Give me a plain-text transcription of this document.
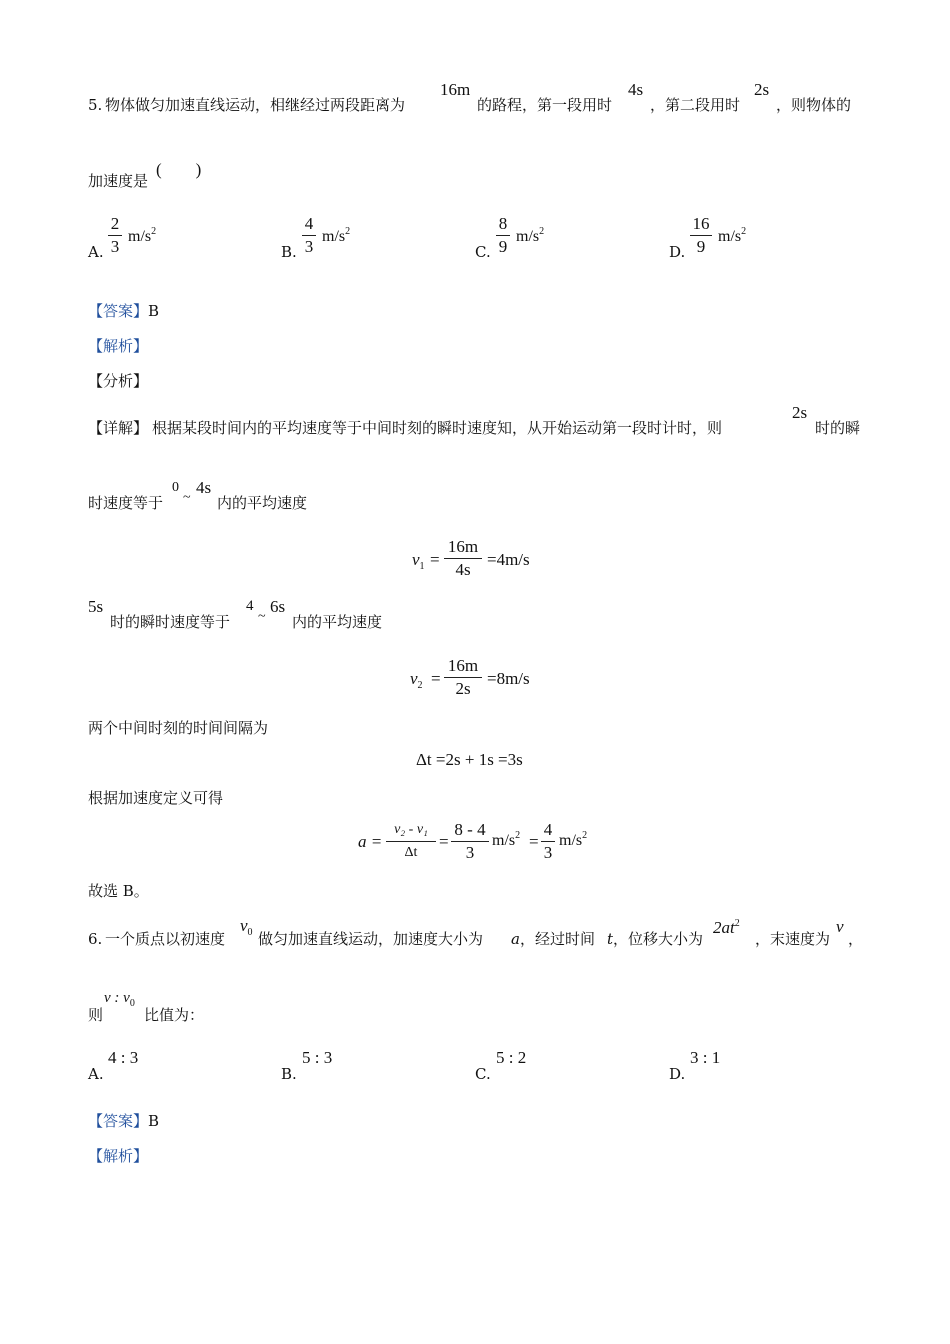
5. 物体做匀加速直线运动，相继经过两段距离为
16m
的路程，第一段用时
4s
，第二段用时
2s
，则物体的
加速度是
(　　)
A.
2
3
$m/s^2$
B.
4
3
$m/s^2$
C.
8
9
$m/s^2$
D.
16
9
$m/s^2$
【答案】B
【解析】
【分析】
【详解】 根据某段时间内的平均速度等于中间时刻的瞬时速度知，从开始运动第一段时计时，则
2s
时的瞬
时速度等于
0
~
4s
内的平均速度
$v_1$ =
16m
4s
=4m/s
5s
时的瞬时速度等于
4
~
6s
内的平均速度
$v_2$ =
16m
2s
=8m/s
两个中间时刻的时间间隔为
Δt =2s + 1s =3s
根据加速度定义可得
a =
v₂ - v₁
Δt
=
8 - 4
3
$m/s^2$ =
4
3
$m/s^2$
故选 B。
6. 一个质点以初速度
$v_0$ 做匀加速直线运动，加速度大小为 a ，经过时间 t ，位移大小为
$2at^2$
，末速度为
v
，
则
v : $v_0$
比值为：
A.
4 : 3
B.
5 : 3
C.
5 : 2
D.
3 : 1
【答案】B
【解析】
